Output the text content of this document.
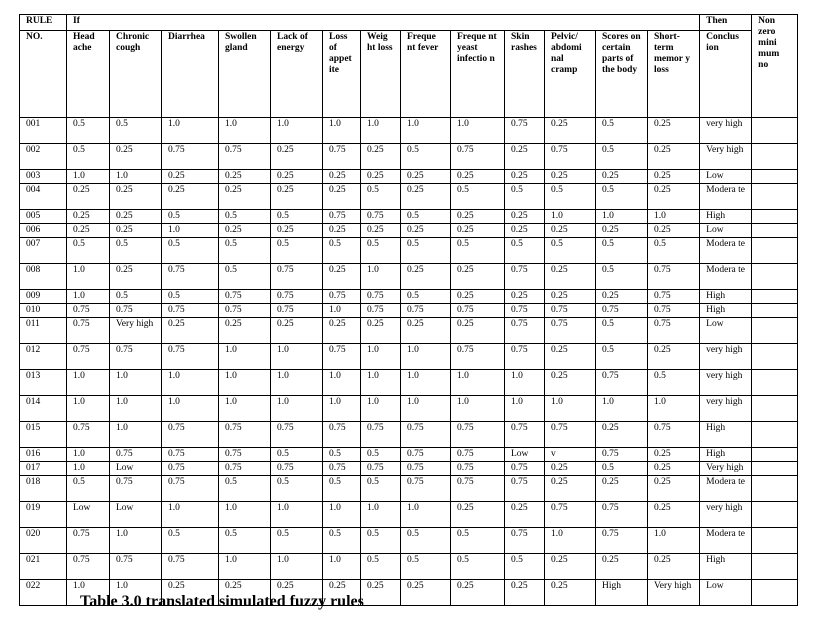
RULE	If													Then	Non zero mini mum no
NO.	Head ache	Chronic cough	Diarrhea	Swollen gland	Lack of energy	Loss of appet ite	Weig ht loss	Freque nt fever	Freque nt yeast infectio n	Skin rashes	Pelvic/ abdomi nal cramp	Scores on certain parts of the body	Short- term memor y loss	Conclus ion	
001	0.5	0.5	1.0	1.0	1.0	1.0	1.0	1.0	1.0	0.75	0.25	0.5	0.25	very high	
002	0.5	0.25	0.75	0.75	0.25	0.75	0.25	0.5	0.75	0.25	0.75	0.5	0.25	Very high	
003	1.0	1.0	0.25	0.25	0.25	0.25	0.25	0.25	0.25	0.25	0.25	0.25	0.25	Low	
004	0.25	0.25	0.25	0.25	0.25	0.25	0.5	0.25	0.5	0.5	0.5	0.5	0.25	Modera te	
005	0.25	0.25	0.5	0.5	0.5	0.75	0.75	0.5	0.25	0.25	1.0	1.0	1.0	High	
006	0.25	0.25	1.0	0.25	0.25	0.25	0.25	0.25	0.25	0.25	0.25	0.25	0.25	Low	
007	0.5	0.5	0.5	0.5	0.5	0.5	0.5	0.5	0.5	0.5	0.5	0.5	0.5	Modera te	
008	1.0	0.25	0.75	0.5	0.75	0.25	1.0	0.25	0.25	0.75	0.25	0.5	0.75	Modera te	
009	1.0	0.5	0.5	0.75	0.75	0.75	0.75	0.5	0.25	0.25	0.25	0.25	0.75	High	
010	0.75	0.75	0.75	0.75	0.75	1.0	0.75	0.75	0.75	0.75	0.75	0.75	0.75	High	
011	0.75	Very high	0.25	0.25	0.25	0.25	0.25	0.25	0.25	0.75	0.75	0.5	0.75	Low	
012	0.75	0.75	0.75	1.0	1.0	0.75	1.0	1.0	0.75	0.75	0.25	0.5	0.25	very high	
013	1.0	1.0	1.0	1.0	1.0	1.0	1.0	1.0	1.0	1.0	0.25	0.75	0.5	very high	
014	1.0	1.0	1.0	1.0	1.0	1.0	1.0	1.0	1.0	1.0	1.0	1.0	1.0	very high	
015	0.75	1.0	0.75	0.75	0.75	0.75	0.75	0.75	0.75	0.75	0.75	0.25	0.75	High	
016	1.0	0.75	0.75	0.75	0.5	0.5	0.5	0.75	0.75	Low	v	0.75	0.25	High	
017	1.0	Low	0.75	0.75	0.75	0.75	0.75	0.75	0.75	0.75	0.25	0.5	0.25	Very high	
018	0.5	0.75	0.75	0.5	0.5	0.5	0.5	0.75	0.75	0.75	0.25	0.25	0.25	Modera te	
019	Low	Low	1.0	1.0	1.0	1.0	1.0	1.0	0.25	0.25	0.75	0.75	0.25	very high	
020	0.75	1.0	0.5	0.5	0.5	0.5	0.5	0.5	0.5	0.75	1.0	0.75	1.0	Modera te	
021	0.75	0.75	0.75	1.0	1.0	1.0	0.5	0.5	0.5	0.5	0.25	0.25	0.25	High	
022	1.0	1.0	0.25	0.25	0.25	0.25	0.25	0.25	0.25	0.25	0.25	High	Very high	Low	
Table 3.0 translated simulated fuzzy rules
